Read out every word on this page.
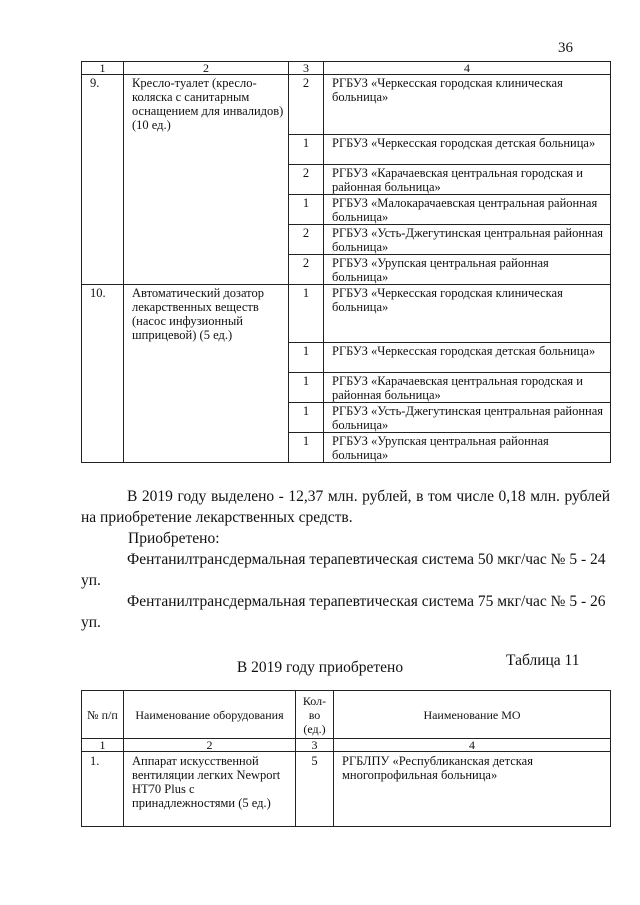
36
1	2	3	4
9.	Кресло-туалет (кресло-коляска с санитарным оснащением для инвалидов) (10 ед.)	2	РГБУЗ «Черкесская городская клиническая больница»
		1	РГБУЗ «Черкесская городская детская больница»
		2	РГБУЗ «Карачаевская центральная городская и районная больница»
		1	РГБУЗ «Малокарачаевская центральная районная больница»
		2	РГБУЗ «Усть-Джегутинская центральная районная больница»
		2	РГБУЗ «Урупская центральная районная больница»
10.	Автоматический дозатор лекарственных веществ (насос инфузионный шприцевой) (5 ед.)	1	РГБУЗ «Черкесская городская клиническая больница»
		1	РГБУЗ «Черкесская городская детская больница»
		1	РГБУЗ «Карачаевская центральная городская и районная больница»
		1	РГБУЗ «Усть-Джегутинская центральная районная больница»
		1	РГБУЗ «Урупская центральная районная больница»
В 2019 году выделено - 12,37 млн. рублей, в том числе 0,18 млн. рублей на приобретение лекарственных средств.
Приобретено:
Фентанилтрансдермальная терапевтическая система 50 мкг/час № 5 - 24 уп.
Фентанилтрансдермальная терапевтическая система 75 мкг/час № 5 - 26 уп.
Таблица 11
В 2019 году приобретено
№ п/п	Наименование оборудования	Кол-во (ед.)	Наименование МО
1	2	3	4
1.	Аппарат искусственной вентиляции легких Newport HT70 Plus с принадлежностями (5 ед.)	5	РГБЛПУ «Республиканская детская многопрофильная больница»
